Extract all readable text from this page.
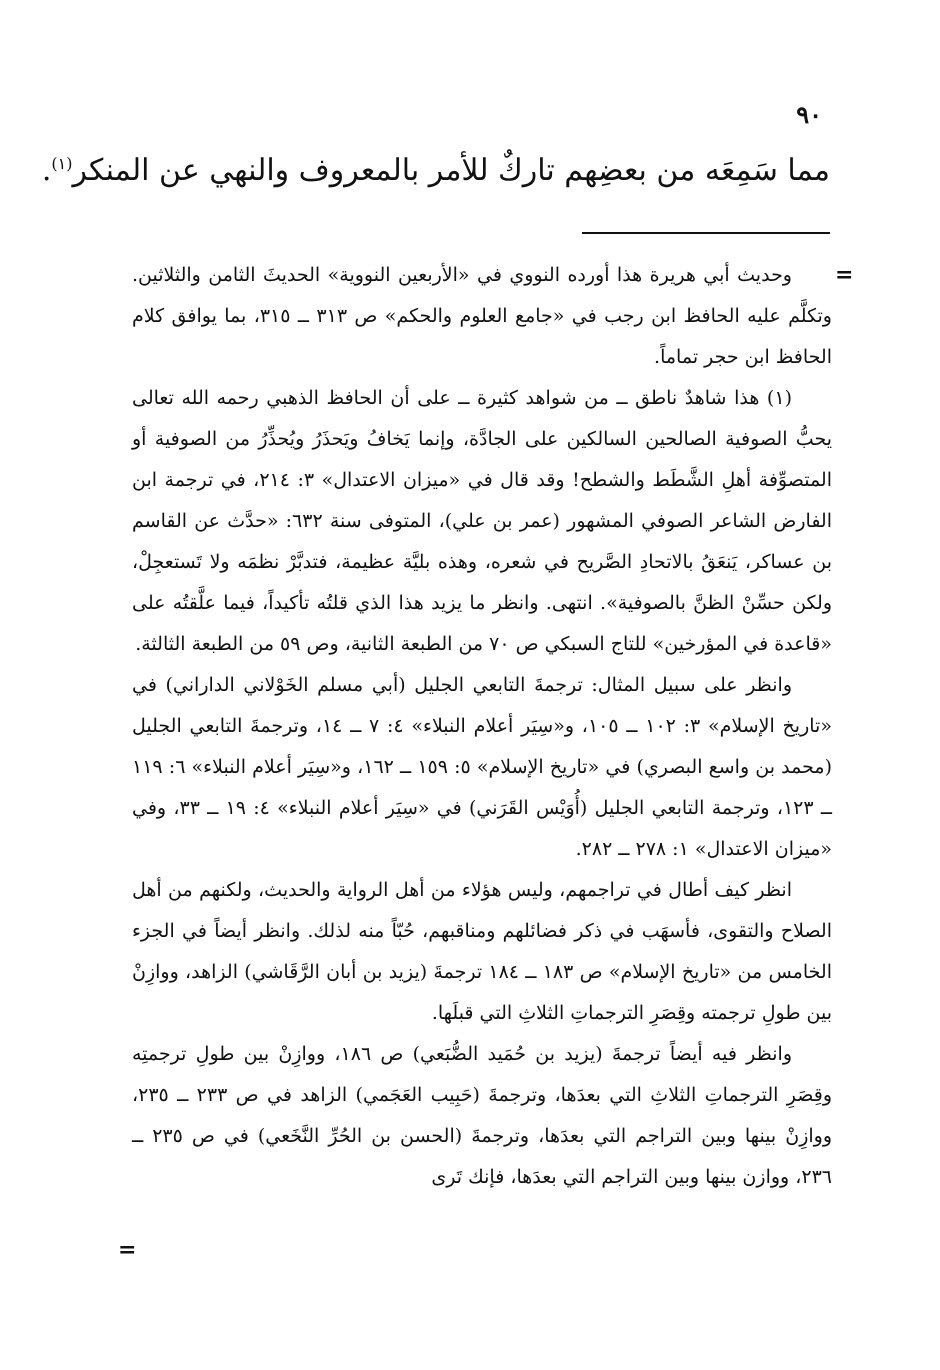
٩٠
مما سَمِعَه من بعضِهم تاركٌ للأمر بالمعروف والنهي عن المنكر$^{(١)}$.
=

وحديث أبي هريرة هذا أورده النووي في «الأربعين النووية» الحديثَ الثامن والثلاثين. وتكلَّم عليه الحافظ ابن رجب في «جامع العلوم والحكم» ص ٣١٣ ــ ٣١٥، بما يوافق كلام الحافظ ابن حجر تماماً.

(١) هذا شاهدٌ ناطق ــ من شواهد كثيرة ــ على أن الحافظ الذهبي رحمه الله تعالى يحبُّ الصوفية الصالحين السالكين على الجادَّة، وإنما يَخافُ ويَحذَرُ ويُحذِّرُ من الصوفية أو المتصوِّفة أهلِ الشَّطَط والشطح! وقد قال في «ميزان الاعتدال» ٣: ٢١٤، في ترجمة ابن الفارض الشاعر الصوفي المشهور (عمر بن علي)، المتوفى سنة ٦٣٢: «حدَّث عن القاسم بن عساكر، يَنعَقُ بالاتحادِ الصَّريح في شعره، وهذه بليَّة عظيمة، فتدبَّرْ نظمَه ولا تَستعجِلْ، ولكن حسِّنْ الظنَّ بالصوفية». انتهى. وانظر ما يزيد هذا الذي قلتُه تأكيداً، فيما علَّقتُه على «قاعدة في المؤرخين» للتاج السبكي ص ٧٠ من الطبعة الثانية، وص ٥٩ من الطبعة الثالثة.

وانظر على سبيل المثال: ترجمةَ التابعي الجليل (أبي مسلم الخَوْلاني الداراني) في «تاريخ الإسلام» ٣: ١٠٢ ــ ١٠٥، و«سِيَر أعلام النبلاء» ٤: ٧ ــ ١٤، وترجمةَ التابعي الجليل (محمد بن واسع البصري) في «تاريخ الإسلام» ٥: ١٥٩ ــ ١٦٢، و«سِيَر أعلام النبلاء» ٦: ١١٩ ــ ١٢٣، وترجمة التابعي الجليل (أُوَيْس القَرَني) في «سِيَر أعلام النبلاء» ٤: ١٩ ــ ٣٣، وفي «ميزان الاعتدال» ١: ٢٧٨ ــ ٢٨٢.

انظر كيف أطال في تراجمهم، وليس هؤلاء من أهل الرواية والحديث، ولكنهم من أهل الصلاح والتقوى، فأسهَب في ذكر فضائلهم ومناقبهم، حُبّاً منه لذلك. وانظر أيضاً في الجزء الخامس من «تاريخ الإسلام» ص ١٨٣ ــ ١٨٤ ترجمةَ (يزيد بن أبان الرَّقَاشي) الزاهد، ووازِنْ بين طولِ ترجمته وقِصَرِ الترجماتِ الثلاثِ التي قبلَها.

وانظر فيه أيضاً ترجمةَ (يزيد بن حُمَيد الضُّبَعي) ص ١٨٦، ووازِنْ بين طولِ ترجمتِه وقِصَرِ الترجماتِ الثلاثِ التي بعدَها، وترجمةَ (حَبِيب العَجَمي) الزاهد في ص ٢٣٣ ــ ٢٣٥، ووازِنْ بينها وبين التراجم التي بعدَها، وترجمةَ (الحسن بن الحُرِّ النَّخَعي) في ص ٢٣٥ ــ ٢٣٦، ووازن بينها وبين التراجم التي بعدَها، فإنك تَرى

=
